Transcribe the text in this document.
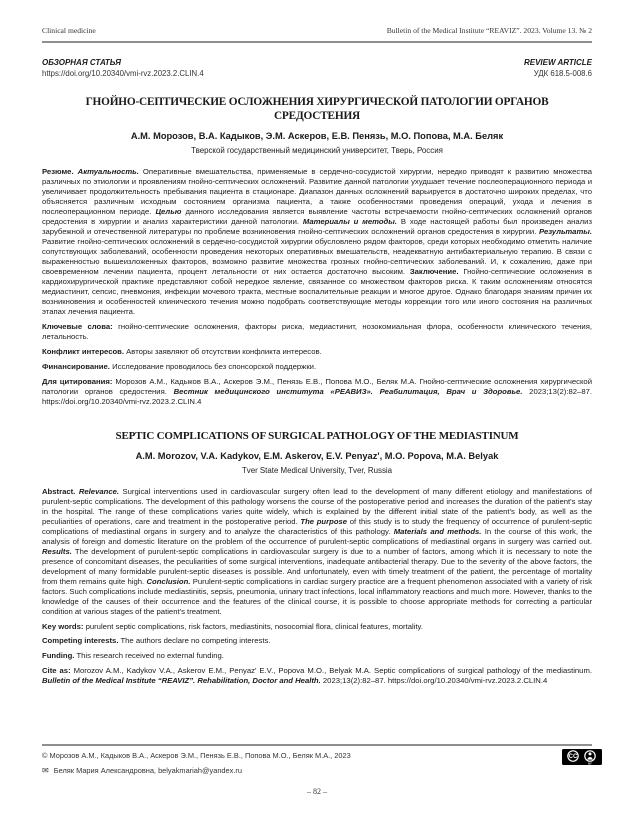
Clinical medicine	Bulletin of the Medical Institute “REAVIZ”. 2023. Volume 13. № 2
ОБЗОРНАЯ СТАТЬЯ
https://doi.org/10.20340/vmi-rvz.2023.2.CLIN.4
REVIEW ARTICLE
УДК 618.5-008.6
ГНОЙНО-СЕПТИЧЕСКИЕ ОСЛОЖНЕНИЯ ХИРУРГИЧЕСКОЙ ПАТОЛОГИИ ОРГАНОВ СРЕДОСТЕНИЯ
А.М. Морозов, В.А. Кадыков, Э.М. Аскеров, Е.В. Пенязь, М.О. Попова, М.А. Беляк
Тверской государственный медицинский университет, Тверь, Россия
Резюме. Актуальность. Оперативные вмешательства, применяемые в сердечно-сосудистой хирургии, нередко приводят к развитию множества различных по этиологии и проявлениям гнойно-септических осложнений. Развитие данной патологии ухудшает течение послеоперационного периода и увеличивает продолжительность пребывания пациента в стационаре. Диапазон данных осложнений варьируется в достаточно широких пределах, что объясняется различным исходным состоянием организма пациента, а также особенностями проведения операций, ухода и лечения в послеоперационном периоде. Целью данного исследования является выявление частоты встречаемости гнойно-септических осложнений органов средостения в хирургии и анализ характеристики данной патологии. Материалы и методы. В ходе настоящей работы был произведен анализ зарубежной и отечественной литературы по проблеме возникновения гнойно-септических осложнений органов средостения в хирургии. Результаты. Развитие гнойно-септических осложнений в сердечно-сосудистой хирургии обусловлено рядом факторов, среди которых необходимо отметить наличие сопутствующих заболеваний, особенности проведения некоторых оперативных вмешательств, неадекватную антибактериальную терапию. В связи с выраженностью вышеизложенных факторов, возможно развитие множества грозных гнойно-септических заболеваний. И, к сожалению, даже при своевременном лечении пациента, процент летальности от них остается достаточно высоким. Заключение. Гнойно-септические осложнения в кардиохирургической практике представляют собой нередкое явление, связанное со множеством факторов риска. К таким осложнениям относятся медиастинит, сепсис, пневмония, инфекции мочевого тракта, местные воспалительные реакции и многое другое. Однако благодаря знаниям причин их возникновения и особенностей клинического течения можно подобрать соответствующие методы коррекции того или иного состояния на различных этапах лечения пациента.
Ключевые слова: гнойно-септические осложнения, факторы риска, медиастинит, нозокомиальная флора, особенности клинического течения, летальность.
Конфликт интересов. Авторы заявляют об отсутствии конфликта интересов.
Финансирование. Исследование проводилось без спонсорской поддержки.
Для цитирования: Морозов А.М., Кадыков В.А., Аскеров Э.М., Пенязь Е.В., Попова М.О., Беляк М.А. Гнойно-септические осложнения хирургической патологии органов средостения. Вестник медицинского института «РЕАВИЗ». Реабилитация, Врач и Здоровье. 2023;13(2):82–87. https://doi.org/10.20340/vmi-rvz.2023.2.CLIN.4
SEPTIC COMPLICATIONS OF SURGICAL PATHOLOGY OF THE MEDIASTINUM
A.M. Morozov, V.A. Kadykov, E.M. Askerov, E.V. Penyaz', M.O. Popova, M.A. Belyak
Tver State Medical University, Tver, Russia
Abstract. Relevance. Surgical interventions used in cardiovascular surgery often lead to the development of many different etiology and manifestations of purulent-septic complications. The development of this pathology worsens the course of the postoperative period and increases the duration of the patient's stay in the hospital. The range of these complications varies quite widely, which is explained by the different initial state of the patient's body, as well as the peculiarities of operations, care and treatment in the postoperative period. The purpose of this study is to study the frequency of occurrence of purulent-septic complications of mediastinal organs in surgery and to analyze the characteristics of this pathology. Materials and methods. In the course of this work, the analysis of foreign and domestic literature on the problem of the occurrence of purulent-septic complications of mediastinal organs in surgery was carried out. Results. The development of purulent-septic complications in cardiovascular surgery is due to a number of factors, among which it is necessary to note the presence of concomitant diseases, the peculiarities of some surgical interventions, inadequate antibacterial therapy. Due to the severity of the above factors, the development of many formidable purulent-septic diseases is possible. And unfortunately, even with timely treatment of the patient, the percentage of mortality from them remains quite high. Conclusion. Purulent-septic complications in cardiac surgery practice are a frequent phenomenon associated with a variety of risk factors. Such complications include mediastinitis, sepsis, pneumonia, urinary tract infections, local inflammatory reactions and much more. However, thanks to the knowledge of the causes of their occurrence and the features of the clinical course, it is possible to choose appropriate methods for correcting a particular condition at various stages of the patient's treatment.
Key words: purulent septic complications, risk factors, mediastinits, nosocomial flora, clinical features, mortality.
Competing interests. The authors declare no competing interests.
Funding. This research received no external funding.
Cite as: Morozov A.M., Kadykov V.A., Askerov E.M., Penyaz' E.V., Popova M.O., Belyak M.A. Septic complications of surgical pathology of the mediastinum. Bulletin of the Medical Institute “REAVIZ”. Rehabilitation, Doctor and Health. 2023;13(2):82–87. https://doi.org/10.20340/vmi-rvz.2023.2.CLIN.4
© Морозов А.М., Кадыков В.А., Аскеров Э.М., Пенязь Е.В., Попова М.О., Беляк М.А., 2023
✉ Беляк Мария Александровна, belyakmariah@yandex.ru
CC
BY
– 82 –
